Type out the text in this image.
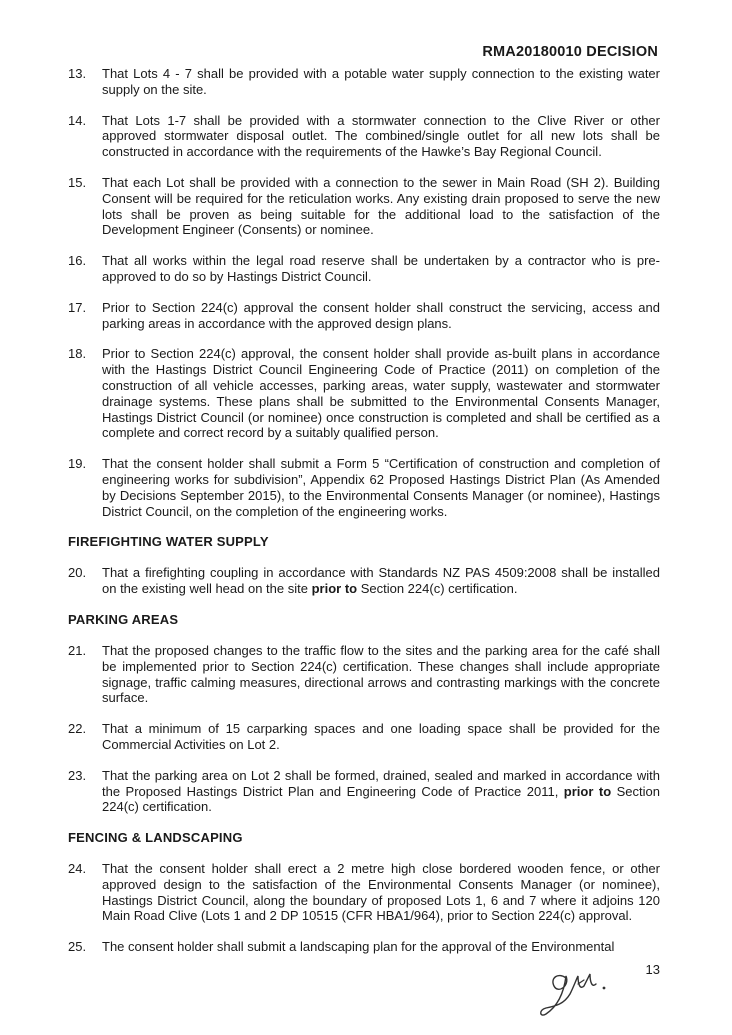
RMA20180010 DECISION
13.	That Lots 4 - 7 shall be provided with a potable water supply connection to the existing water supply on the site.
14.	That Lots 1-7 shall be provided with a stormwater connection to the Clive River or other approved stormwater disposal outlet. The combined/single outlet for all new lots shall be constructed in accordance with the requirements of the Hawke’s Bay Regional Council.
15.	That each Lot shall be provided with a connection to the sewer in Main Road (SH 2). Building Consent will be required for the reticulation works. Any existing drain proposed to serve the new lots shall be proven as being suitable for the additional load to the satisfaction of the Development Engineer (Consents) or nominee.
16.	That all works within the legal road reserve shall be undertaken by a contractor who is pre-approved to do so by Hastings District Council.
17.	Prior to Section 224(c) approval the consent holder shall construct the servicing, access and parking areas in accordance with the approved design plans.
18.	Prior to Section 224(c) approval, the consent holder shall provide as-built plans in accordance with the Hastings District Council Engineering Code of Practice (2011) on completion of the construction of all vehicle accesses, parking areas, water supply, wastewater and stormwater drainage systems. These plans shall be submitted to the Environmental Consents Manager, Hastings District Council (or nominee) once construction is completed and shall be certified as a complete and correct record by a suitably qualified person.
19.	That the consent holder shall submit a Form 5 “Certification of construction and completion of engineering works for subdivision”, Appendix 62 Proposed Hastings District Plan (As Amended by Decisions September 2015), to the Environmental Consents Manager (or nominee), Hastings District Council, on the completion of the engineering works.
FIREFIGHTING WATER SUPPLY
20.	That a firefighting coupling in accordance with Standards NZ PAS 4509:2008 shall be installed on the existing well head on the site prior to Section 224(c) certification.
PARKING AREAS
21.	That the proposed changes to the traffic flow to the sites and the parking area for the café shall be implemented prior to Section 224(c) certification. These changes shall include appropriate signage, traffic calming measures, directional arrows and contrasting markings with the concrete surface.
22.	That a minimum of 15 carparking spaces and one loading space shall be provided for the Commercial Activities on Lot 2.
23.	That the parking area on Lot 2 shall be formed, drained, sealed and marked in accordance with the Proposed Hastings District Plan and Engineering Code of Practice 2011, prior to Section 224(c) certification.
FENCING & LANDSCAPING
24.	That the consent holder shall erect a 2 metre high close bordered wooden fence, or other approved design to the satisfaction of the Environmental Consents Manager (or nominee), Hastings District Council, along the boundary of proposed Lots 1, 6 and 7 where it adjoins 120 Main Road Clive (Lots 1 and 2 DP 10515 (CFR HBA1/964), prior to Section 224(c) approval.
25.	The consent holder shall submit a landscaping plan for the approval of the Environmental
13
